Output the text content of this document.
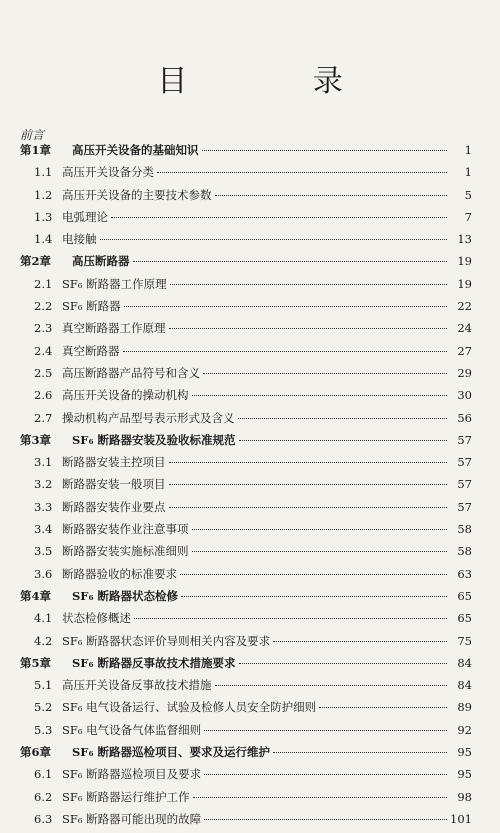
目 录
前言
第1章	高压开关设备的基础知识	1
1.1 高压开关设备分类	1
1.2 高压开关设备的主要技术参数	5
1.3 电弧理论	7
1.4 电接触	13
第2章	高压断路器	19
2.1 SF₆ 断路器工作原理	19
2.2 SF₆ 断路器	22
2.3 真空断路器工作原理	24
2.4 真空断路器	27
2.5 高压断路器产品符号和含义	29
2.6 高压开关设备的操动机构	30
2.7 操动机构产品型号表示形式及含义	56
第3章	SF₆ 断路器安装及验收标准规范	57
3.1 断路器安装主控项目	57
3.2 断路器安装一般项目	57
3.3 断路器安装作业要点	57
3.4 断路器安装作业注意事项	58
3.5 断路器安装实施标准细则	58
3.6 断路器验收的标准要求	63
第4章	SF₆ 断路器状态检修	65
4.1 状态检修概述	65
4.2 SF₆ 断路器状态评价导则相关内容及要求	75
第5章	SF₆ 断路器反事故技术措施要求	84
5.1 高压开关设备反事故技术措施	84
5.2 SF₆ 电气设备运行、试验及检修人员安全防护细则	89
5.3 SF₆ 电气设备气体监督细则	92
第6章	SF₆ 断路器巡检项目、要求及运行维护	95
6.1 SF₆ 断路器巡检项目及要求	95
6.2 SF₆ 断路器运行维护工作	98
6.3 SF₆ 断路器可能出现的故障	101
